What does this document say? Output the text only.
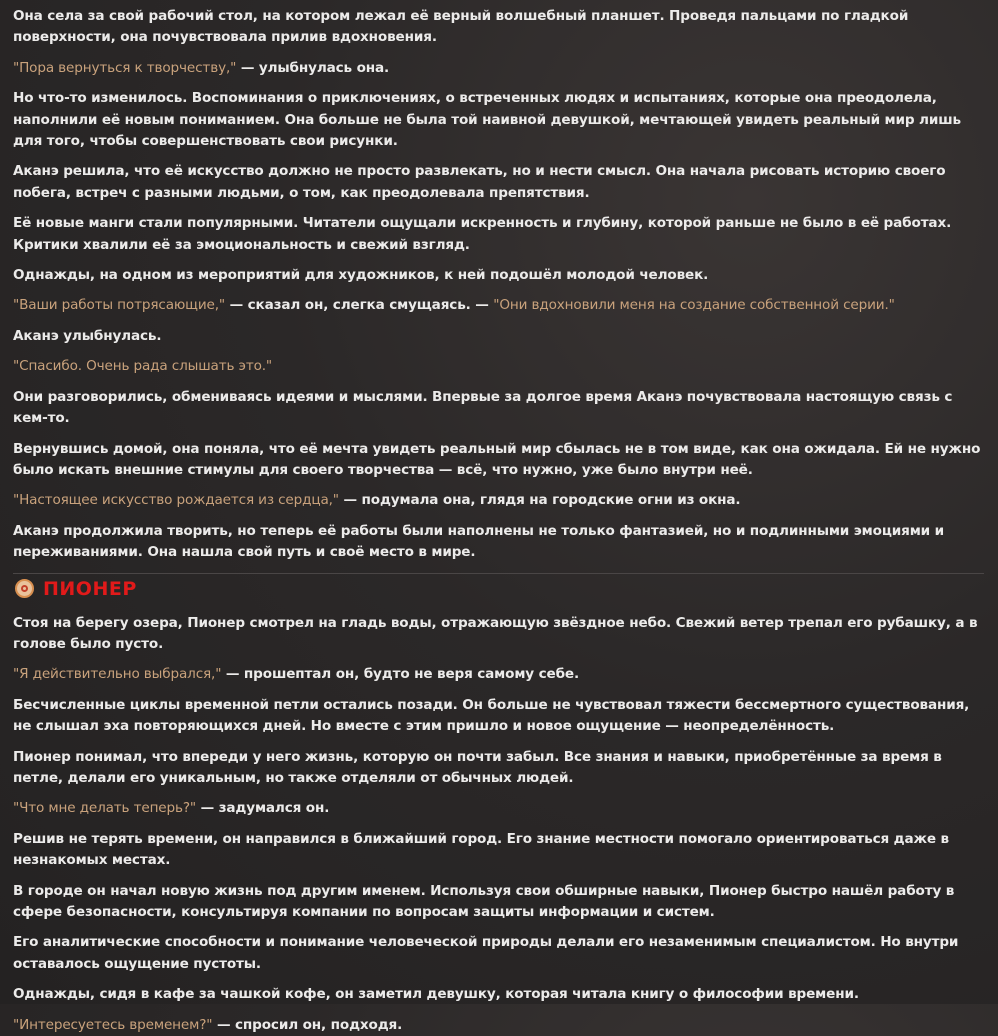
Она села за свой рабочий стол, на котором лежал её верный волшебный планшет. Проведя пальцами по гладкой поверхности, она почувствовала прилив вдохновения.

"Пора вернуться к творчеству," — улыбнулась она.

Но что-то изменилось. Воспоминания о приключениях, о встреченных людях и испытаниях, которые она преодолела, наполнили её новым пониманием. Она больше не была той наивной девушкой, мечтающей увидеть реальный мир лишь для того, чтобы совершенствовать свои рисунки.

Аканэ решила, что её искусство должно не просто развлекать, но и нести смысл. Она начала рисовать историю своего побега, встреч с разными людьми, о том, как преодолевала препятствия.

Её новые манги стали популярными. Читатели ощущали искренность и глубину, которой раньше не было в её работах. Критики хвалили её за эмоциональность и свежий взгляд.

Однажды, на одном из мероприятий для художников, к ней подошёл молодой человек.

"Ваши работы потрясающие," — сказал он, слегка смущаясь. — "Они вдохновили меня на создание собственной серии."

Аканэ улыбнулась.

"Спасибо. Очень рада слышать это."

Они разговорились, обмениваясь идеями и мыслями. Впервые за долгое время Аканэ почувствовала настоящую связь с кем-то.

Вернувшись домой, она поняла, что её мечта увидеть реальный мир сбылась не в том виде, как она ожидала. Ей не нужно было искать внешние стимулы для своего творчества — всё, что нужно, уже было внутри неё.

"Настоящее искусство рождается из сердца," — подумала она, глядя на городские огни из окна.

Аканэ продолжила творить, но теперь её работы были наполнены не только фантазией, но и подлинными эмоциями и переживаниями. Она нашла свой путь и своё место в мире.

ПИОНЕР

Стоя на берегу озера, Пионер смотрел на гладь воды, отражающую звёздное небо. Свежий ветер трепал его рубашку, а в голове было пусто.

"Я действительно выбрался," — прошептал он, будто не веря самому себе.

Бесчисленные циклы временной петли остались позади. Он больше не чувствовал тяжести бессмертного существования, не слышал эха повторяющихся дней. Но вместе с этим пришло и новое ощущение — неопределённость.

Пионер понимал, что впереди у него жизнь, которую он почти забыл. Все знания и навыки, приобретённые за время в петле, делали его уникальным, но также отделяли от обычных людей.

"Что мне делать теперь?" — задумался он.

Решив не терять времени, он направился в ближайший город. Его знание местности помогало ориентироваться даже в незнакомых местах.

В городе он начал новую жизнь под другим именем. Используя свои обширные навыки, Пионер быстро нашёл работу в сфере безопасности, консультируя компании по вопросам защиты информации и систем.

Его аналитические способности и понимание человеческой природы делали его незаменимым специалистом. Но внутри оставалось ощущение пустоты.

Однажды, сидя в кафе за чашкой кофе, он заметил девушку, которая читала книгу о философии времени.

"Интересуетесь временем?" — спросил он, подходя.
